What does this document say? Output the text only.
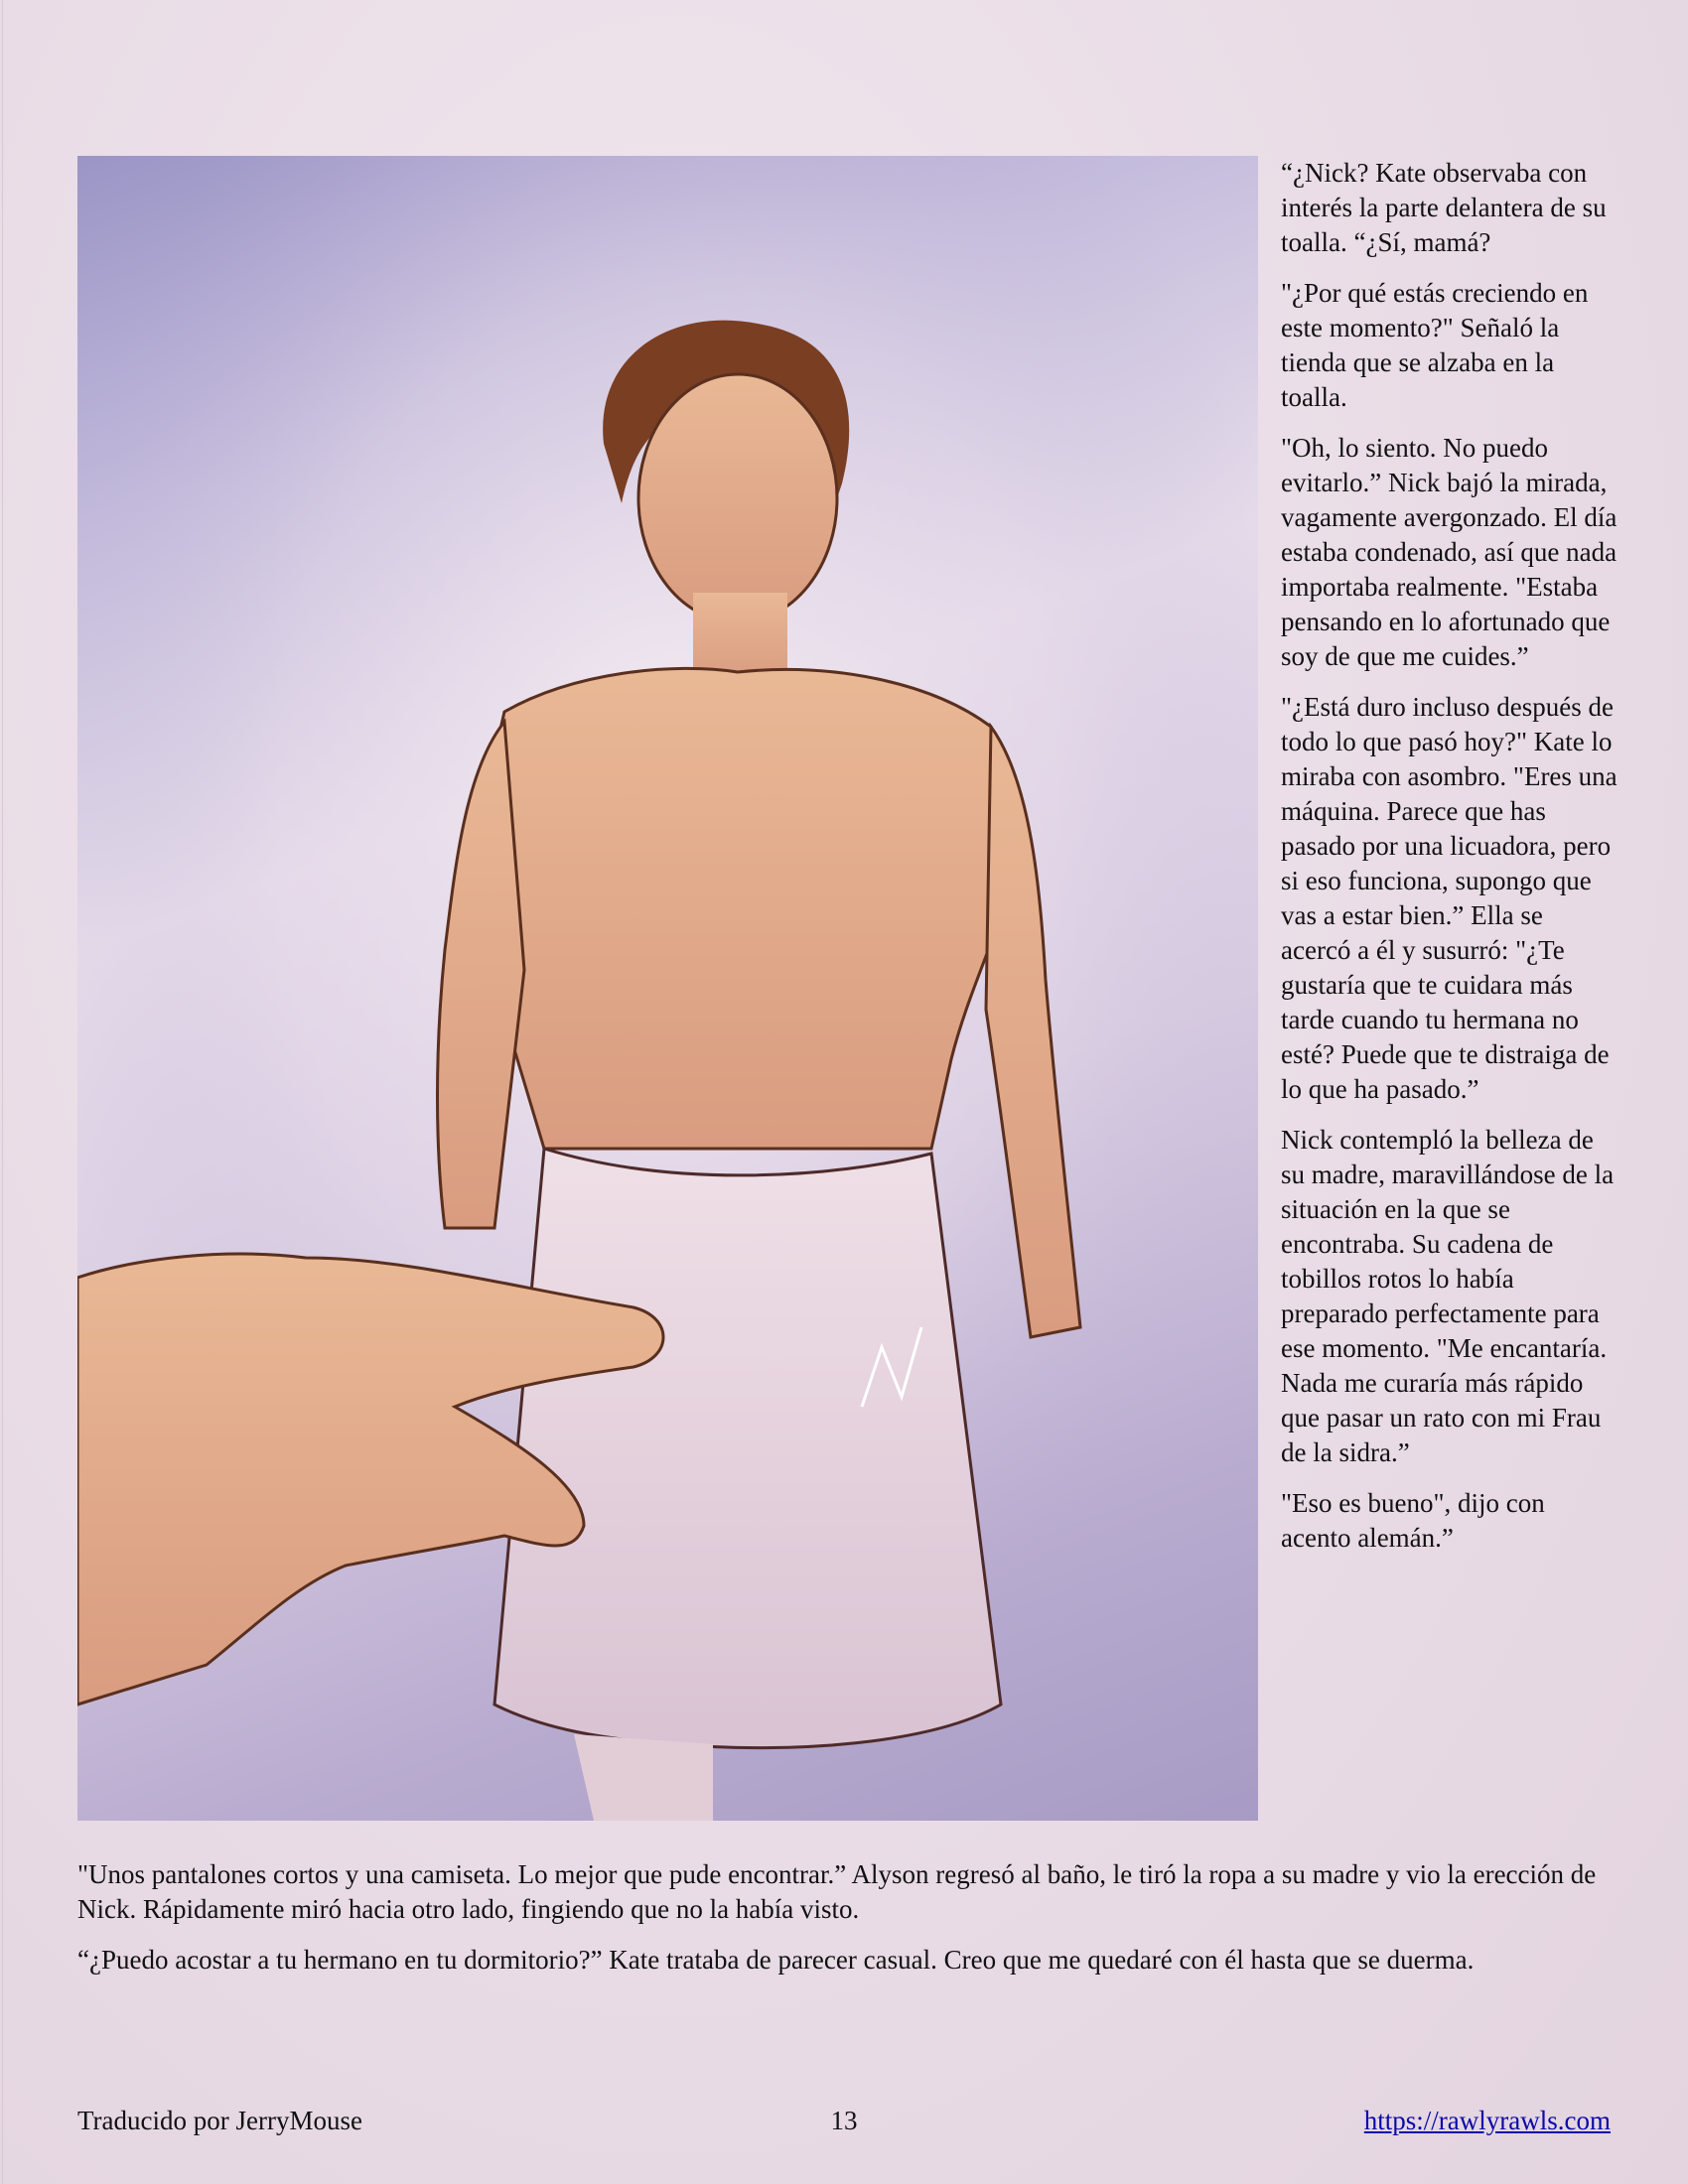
“¿Nick? Kate observaba con interés la parte delantera de su toalla. “¿Sí, mamá?

"¿Por qué estás creciendo en este momento?" Señaló la tienda que se alzaba en la toalla.

"Oh, lo siento. No puedo evitarlo.” Nick bajó la mirada, vagamente avergonzado. El día estaba condenado, así que nada importaba realmente. "Estaba pensando en lo afortunado que soy de que me cuides.”

"¿Está duro incluso después de todo lo que pasó hoy?" Kate lo miraba con asombro. "Eres una máquina. Parece que has pasado por una licuadora, pero si eso funciona, supongo que vas a estar bien.” Ella se acercó a él y susurró: "¿Te gustaría que te cuidara más tarde cuando tu hermana no esté? Puede que te distraiga de lo que ha pasado.”

Nick contempló la belleza de su madre, maravillándose de la situación en la que se encontraba. Su cadena de tobillos rotos lo había preparado perfectamente para ese momento. "Me encantaría. Nada me curaría más rápido que pasar un rato con mi Frau de la sidra.”

"Eso es bueno", dijo con acento alemán.”

"Unos pantalones cortos y una camiseta. Lo mejor que pude encontrar.” Alyson regresó al baño, le tiró la ropa a su madre y vio la erección de Nick. Rápidamente miró hacia otro lado, fingiendo que no la había visto.

“¿Puedo acostar a tu hermano en tu dormitorio?” Kate trataba de parecer casual. Creo que me quedaré con él hasta que se duerma.

Traducido por JerryMouse	13	https://rawlyrawls.com
